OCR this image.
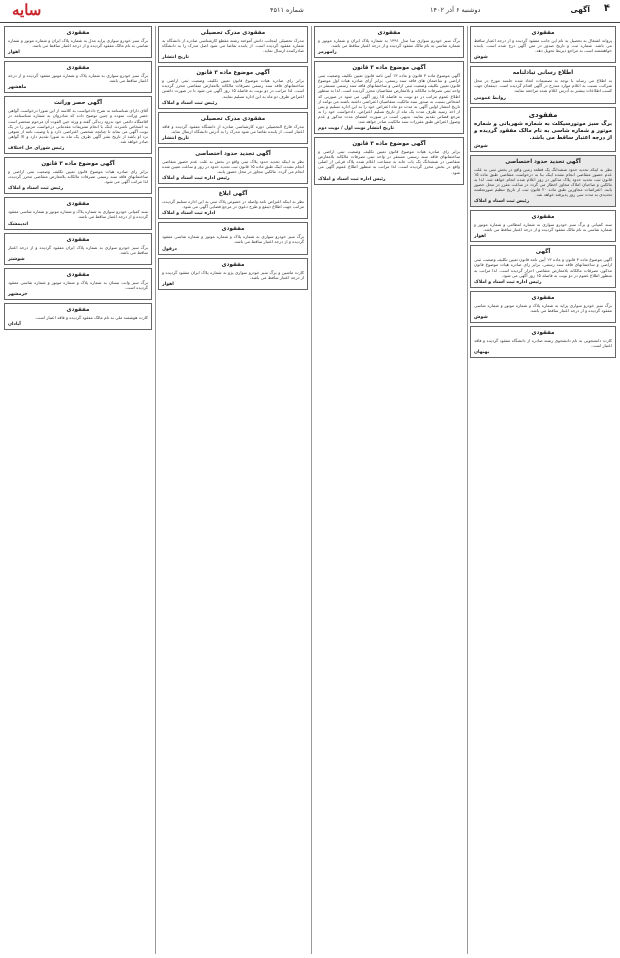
۴
آگهی
دوشنبه ۶ آذر ۱۴۰۲
شماره ۴۵۱۱
سایه
مفقودی

پروانه اشتغال به تحصیل به نام این جانب مفقود گردیده و از درجه اعتبار ساقط می باشد. شماره ثبت و تاریخ صدور در متن آگهی درج شده است. یابنده خواهشمند است به مراجع ذیربط تحویل دهد.

شوش
اطلاع رسانی تبادلنامه

به اطلاع می رساند با توجه به تصمیمات اتخاذ شده جلسه مورخ در محل شرکت، نسبت به اعلام موارد مندرج در آگهی اقدام گردیده است. ذینفعان جهت کسب اطلاعات بیشتر به آدرس اعلام شده مراجعه نمایند.

روابط عمومی
مفقودی

برگ سبز موتورسیکلت به شماره شهربانی و شماره موتور و شماره شاسی به نام مالک مفقود گردیده و از درجه اعتبار ساقط می باشد.

شوش
آگهی تحدید حدود اختصاصی

نظر به اینکه تحدید حدود ششدانگ یک قطعه زمین واقع در بخش ثبتی به علت عدم حضور متقاضی انجام نشده اینک بنا به درخواست متقاضی طبق ماده ۱۵ قانون ثبت تحدید حدود پلاک مذکور در روز اعلام شده انجام خواهد شد. لذا به مالکین و صاحبان املاک مجاور اخطار می گردد در ساعت مقرر در محل حضور یابند. اعتراضات مجاورین طبق ماده ۲۰ قانون ثبت از تاریخ تنظیم صورتجلسه تحدیدی به مدت سی روز پذیرفته خواهد شد.

رئیس ثبت اسناد و املاک
مفقودی

سند کمپانی و برگ سبز خودرو سواری به شماره انتظامی و شماره موتور و شماره شاسی به نام مالک مفقود گردیده و از درجه اعتبار ساقط می باشد.

اهواز
آگهی

آگهی موضوع ماده ۳ قانون و ماده ۱۳ آیین نامه قانون تعیین تکلیف وضعیت ثبتی اراضی و ساختمانهای فاقد سند رسمی. برابر رای صادره هیات موضوع قانون مذکور، تصرفات مالکانه بلامعارض متقاضی احراز گردیده است. لذا مراتب به منظور اطلاع عموم در دو نوبت به فاصله ۱۵ روز آگهی می شود.

رئیس اداره ثبت اسناد و املاک
مفقودی

برگ سبز خودرو سواری پراید به شماره پلاک و شماره موتور و شماره شاسی مفقود گردیده و از درجه اعتبار ساقط می باشد.

شوش
مفقودی

کارت دانشجویی به نام دانشجوی رشته صادره از دانشگاه مفقود گردیده و فاقد اعتبار است.

بهبهان
مفقودی

برگ سبز خودرو سواری تیبا مدل ۱۳۹۱ به شماره پلاک ایران و شماره موتور و شماره شاسی به نام مالک مفقود گردیده و از درجه اعتبار ساقط می باشد.

رامهرمز
آگهی موضوع ماده ۳ قانون

آگهی موضوع ماده ۳ قانون و ماده ۱۳ آیین نامه قانون تعیین تکلیف وضعیت ثبتی اراضی و ساختمان های فاقد سند رسمی. برابر آرای صادره هیات اول موضوع قانون تعیین تکلیف وضعیت ثبتی اراضی و ساختمانهای فاقد سند رسمی مستقر در واحد ثبتی تصرفات مالکانه و بلامعارض متقاضیان محرز گردیده است. لذا به منظور اطلاع عموم مراتب در دو نوبت به فاصله ۱۵ روز آگهی می شود در صورتی که اشخاص نسبت به صدور سند مالکیت متقاضیان اعتراضی داشته باشند می توانند از تاریخ انتشار اولین آگهی به مدت دو ماه اعتراض خود را به این اداره تسلیم و پس از اخذ رسید ظرف مدت یک ماه از تاریخ تسلیم اعتراض، دادخواست خود را به مرجع قضائی تقدیم نمایند. بدیهی است در صورت انقضای مدت مذکور و عدم وصول اعتراض طبق مقررات سند مالکیت صادر خواهد شد.

تاریخ انتشار نوبت اول / نوبت دوم
آگهی موضوع ماده ۳ قانون

برابر رای صادره هیات موضوع قانون تعیین تکلیف وضعیت ثبتی اراضی و ساختمانهای فاقد سند رسمی مستقر در واحد ثبتی تصرفات مالکانه بلامعارض متقاضی در ششدانگ یک باب خانه به مساحت اعلام شده پلاک فرعی از اصلی واقع در بخش محرز گردیده است. لذا مراتب به منظور اطلاع عموم آگهی می شود.

رئیس اداره ثبت اسناد و املاک
مفقودی مدرک تحصیلی

مدرک تحصیلی اینجانب دانش آموخته رشته مقطع کارشناسی صادره از دانشگاه به شماره مفقود گردیده است. از یابنده تقاضا می شود اصل مدرک را به دانشگاه صادرکننده ارسال نماید.

تاریخ انتشار
آگهی موضوع ماده ۳ قانون

برابر رای صادره هیات موضوع قانون تعیین تکلیف وضعیت ثبتی اراضی و ساختمانهای فاقد سند رسمی تصرفات مالکانه بلامعارض متقاضی محرز گردیده است. لذا مراتب در دو نوبت به فاصله ۱۵ روز آگهی می شود تا در صورت داشتن اعتراض ظرف دو ماه به این اداره تسلیم نمایند.

رئیس ثبت اسناد و املاک
مفقودی مدرک تحصیلی

مدرک فارغ التحصیلی دوره کارشناسی صادره از دانشگاه مفقود گردیده و فاقد اعتبار است. از یابنده تقاضا می شود مدرک را به آدرس دانشگاه ارسال نماید.

تاریخ انتشار
آگهی تجدید حدود اختصاصی

نظر به اینکه تحدید حدود پلاک ثبتی واقع در بخش به علت عدم حضور متقاضی انجام نشده، اینک طبق ماده ۱۵ قانون ثبت تحدید حدود در روز و ساعت تعیین شده انجام می گردد. مالکین مجاور در محل حضور یابند.

رئیس اداره ثبت اسناد و املاک
آگهی ابلاغ

نظر به اینکه اعتراض نامه واصله در خصوص پلاک ثبتی به این اداره تسلیم گردیده، مراتب جهت اطلاع ذینفع و طرح دعوی در مرجع قضایی آگهی می شود.

اداره ثبت اسناد و املاک
مفقودی

برگ سبز خودرو سواری به شماره پلاک و شماره موتور و شماره شاسی مفقود گردیده و از درجه اعتبار ساقط می باشد.

دزفول
مفقودی

کارت ماشین و برگ سبز خودرو سواری پژو به شماره پلاک ایران مفقود گردیده و از درجه اعتبار ساقط می باشد.

اهواز
مفقودی

برگ سبز خودرو سواری پراید مدل به شماره پلاک ایران و شماره موتور و شماره شاسی به نام مالک مفقود گردیده و از درجه اعتبار ساقط می باشد.

اهواز
مفقودی

برگ سبز خودرو سواری به شماره پلاک و شماره موتور مفقود گردیده و از درجه اعتبار ساقط می باشد.

ماهشهر
آگهی حصر وراثت

آقای دارای شناسنامه به شرح دادخواست به کلاسه از این شورا درخواست گواهی حصر وراثت نموده و چنین توضیح داده که شادروان به شماره شناسنامه در اقامتگاه دائمی خود بدرود زندگی گفته و ورثه حین الفوت آن مرحوم منحصر است به اشخاص نامبرده. اینک با انجام تشریفات مقدماتی درخواست مزبور را در یک نوبت آگهی می نماید تا چنانچه شخصی اعتراضی دارد و یا وصیت نامه از متوفی نزد او باشد از تاریخ نشر آگهی ظرف یک ماه به شورا تقدیم دارد و الا گواهی صادر خواهد شد.

رئیس شورای حل اختلاف
آگهی موضوع ماده ۳ قانون

برابر رای صادره هیات موضوع قانون تعیین تکلیف وضعیت ثبتی اراضی و ساختمانهای فاقد سند رسمی تصرفات مالکانه بلامعارض متقاضی محرز گردیده، لذا مراتب آگهی می شود.

رئیس ثبت اسناد و املاک
مفقودی

سند کمپانی خودرو سواری به شماره پلاک و شماره موتور و شماره شاسی مفقود گردیده و از درجه اعتبار ساقط می باشد.

اندیمشک
مفقودی

برگ سبز خودرو سواری به شماره پلاک ایران مفقود گردیده و از درجه اعتبار ساقط می باشد.

شوشتر
مفقودی

برگ سبز وانت نیسان به شماره پلاک و شماره موتور و شماره شاسی مفقود گردیده است.

خرمشهر
مفقودی

کارت هوشمند ملی به نام مالک مفقود گردیده و فاقد اعتبار است.

آبادان
